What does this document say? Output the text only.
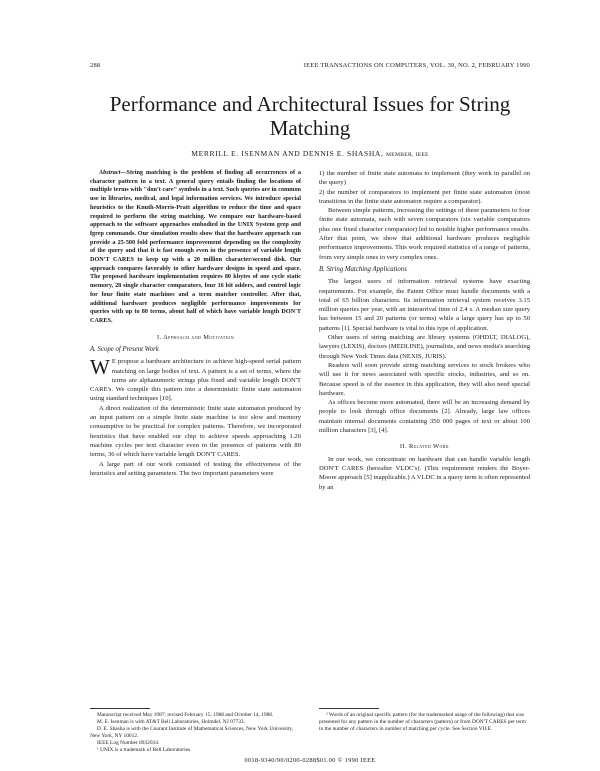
288	IEEE TRANSACTIONS ON COMPUTERS, VOL. 39, NO. 2, FEBRUARY 1990
Performance and Architectural Issues for String Matching
MERRILL E. ISENMAN AND DENNIS E. SHASHA, MEMBER, IEEE

Abstract—String matching is the problem of finding all occurrences of a character pattern in a text. A general query entails finding the locations of multiple terms with "don't care" symbols in a text. Such queries are in common use in libraries, medical, and legal information services. We introduce special heuristics to the Knuth-Morris-Pratt algorithm to reduce the time and space required to perform the string matching. We compare our hardware-based approach to the software approaches embodied in the UNIX System grep and fgrep commands. Our simulation results show that the hardware approach can provide a 25-500 fold performance improvement depending on the complexity of the query and that it is fast enough even in the presence of variable length DON'T CARES to keep up with a 20 million character/second disk. Our approach compares favorably to other hardware designs in speed and space. The proposed hardware implementation requires 80 kbytes of one cycle static memory, 28 single character comparators, four 16 bit adders, and control logic for four finite state machines and a term matcher controller. After that, additional hardware produces negligible performance improvements for queries with up to 80 terms, about half of which have variable length DON'T CARES.

I. Approach and Motivation
A. Scope of Present Work

W E propose a hardware architecture to achieve high-speed serial pattern matching on large bodies of text. A pattern is a set of terms, where the terms are alphanumeric strings plus fixed and variable length DON'T CARE's. We compile this pattern into a deterministic finite state automaton using standard techniques [10].

A direct realization of the deterministic finite state automaton produced by an input pattern on a simple finite state machine is too slow and memory consumptive to be practical for complex patterns. Therefore, we incorporated heuristics that have enabled our chip to achieve speeds approaching 1.26 machine cycles per text character even in the presence of patterns with 80 terms, 36 of which have variable length DON'T CARES.

A large part of our work consisted of testing the effectiveness of the heuristics and setting parameters. The two important parameters were

1) the number of finite state automata to implement (they work in parallel on the query)

2) the number of comparators to implement per finite state automaton (most transitions in the finite state automaton require a comparator).

Between simple patterns, increasing the settings of these parameters to four finite state automata, each with seven comparators (six variable comparators plus one fixed character comparator) led to notable higher performance results. After that point, we show that additional hardware produces negligible performance improvements. This work required statistics of a range of patterns, from very simple ones to very complex ones.

B. String Matching Applications

The largest users of information retrieval systems have exacting requirements. For example, the Patent Office must handle documents with a total of 65 billion characters. Its information retrieval system receives 3.15 million queries per year, with an interarrival time of 2.4 s. A median size query has between 15 and 20 patterns (or terms) while a large query has up to 50 patterns [1]. Special hardware is vital to this type of application.

Other users of string matching are library systems (OHDLT, DIALOG), lawyers (LEXIS), doctors (MEDLINE), journalists, and news media's searching through New York Times data (NEXIS, JURIS).

Readers will soon provide string matching services to stock brokers who will use it for news associated with specific stocks, industries, and so on. Because speed is of the essence in this application, they will also need special hardware.

As offices become more automated, there will be an increasing demand by people to look through office documents [2]. Already, large law offices maintain internal documents containing 350 000 pages of text or about 100 million characters [3], [4].

II. Related Work

In our work, we concentrate on hardware that can handle variable length DON'T CARES (hereafter VLDC's). (This requirement renders the Boyer-Moore approach [5] inapplicable.) A VLDC in a query term is often represented by an

Manuscript received May 1987; revised February 15, 1988 and October 14, 1988.
M. E. Isenman is with AT&T Bell Laboratories, Holmdel, NJ 07733.
D. E. Shasha is with the Courant Institute of Mathematical Sciences, New York University, New York, NY 10012.
IEEE Log Number 8932034.
¹ UNIX is a trademark of Bell Laboratories.
² Words of an original specific pattern (for the trademarked usage of the following) that was presented for any pattern in the number of characters (pattern) or from DON'T CARES per term in the number of characters in number of matching per cycle. See Section VII.E.
0018-9340/90/0200-0288$01.00 © 1990 IEEE
